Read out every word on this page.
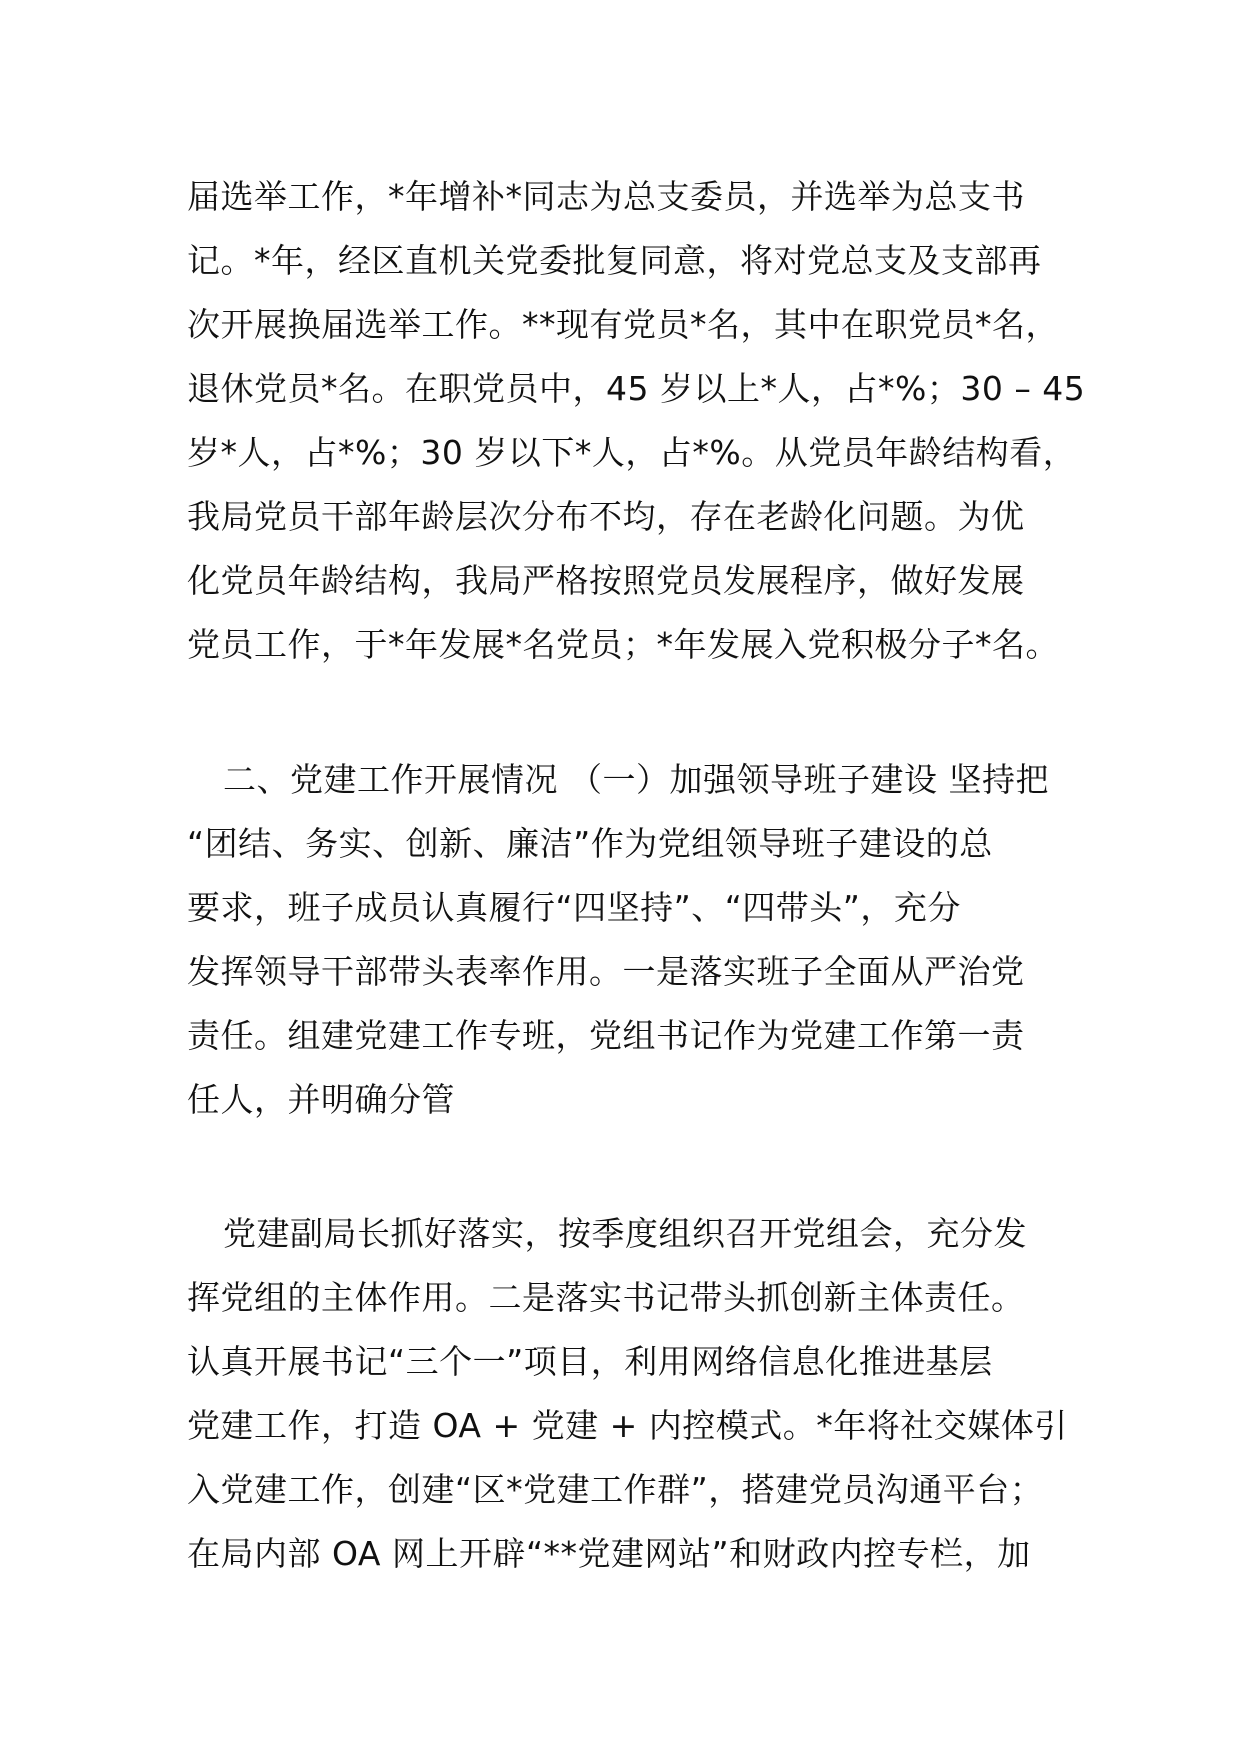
届选举工作，*年增补*同志为总支委员，并选举为总支书
记。*年，经区直机关党委批复同意，将对党总支及支部再
次开展换届选举工作。**现有党员*名，其中在职党员*名，
退休党员*名。在职党员中，45 岁以上*人，占*%；30 – 45
岁*人，占*%；30 岁以下*人，占*%。从党员年龄结构看，
我局党员干部年龄层次分布不均，存在老龄化问题。为优
化党员年龄结构，我局严格按照党员发展程序，做好发展
党员工作，于*年发展*名党员；*年发展入党积极分子*名。
二、党建工作开展情况 （一）加强领导班子建设 坚持把
“团结、务实、创新、廉洁”作为党组领导班子建设的总
要求，班子成员认真履行“四坚持”、“四带头”，充分
发挥领导干部带头表率作用。一是落实班子全面从严治党
责任。组建党建工作专班，党组书记作为党建工作第一责
任人，并明确分管
党建副局长抓好落实，按季度组织召开党组会，充分发
挥党组的主体作用。二是落实书记带头抓创新主体责任。
认真开展书记“三个一”项目，利用网络信息化推进基层
党建工作，打造 OA + 党建 + 内控模式。*年将社交媒体引
入党建工作，创建“区*党建工作群”，搭建党员沟通平台；
在局内部 OA 网上开辟“**党建网站”和财政内控专栏，加
